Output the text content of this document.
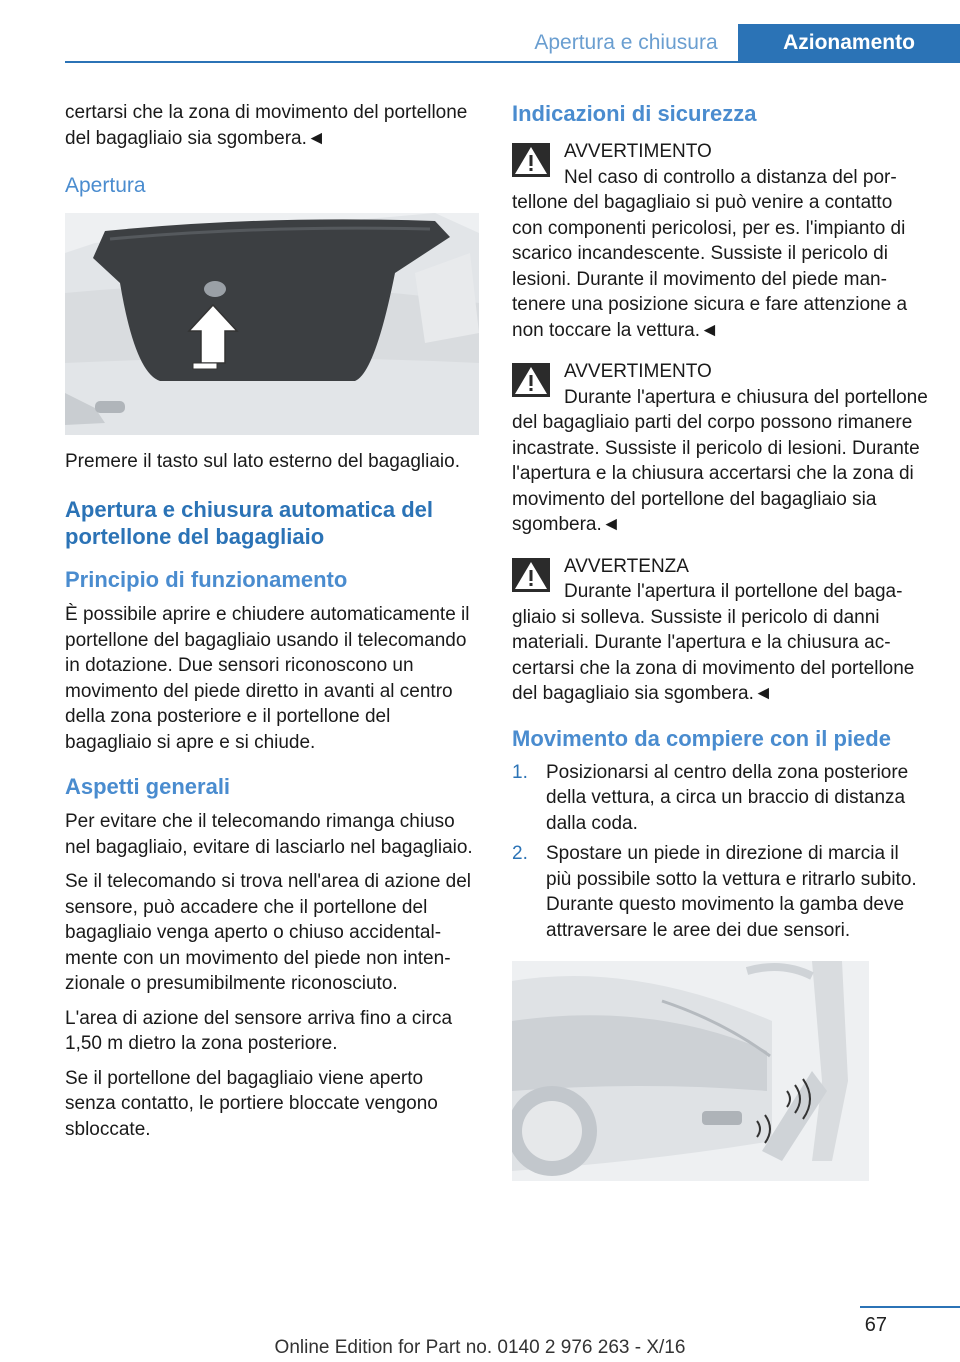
Apertura e chiusura	Azionamento

certarsi che la zona di movimento del portellone del bagagliaio sia sgombera.◄

Apertura

Premere il tasto sul lato esterno del bagagliaio.

Apertura e chiusura automatica del portellone del bagagliaio

Principio di funzionamento

È possibile aprire e chiudere automaticamente il portellone del bagagliaio usando il telecomando in dotazione. Due sensori riconoscono un movimento del piede diretto in avanti al centro della zona posteriore e il portellone del bagagliaio si apre e si chiude.

Aspetti generali

Per evitare che il telecomando rimanga chiuso nel bagagliaio, evitare di lasciarlo nel bagagliaio.

Se il telecomando si trova nell'area di azione del sensore, può accadere che il portellone del bagagliaio venga aperto o chiuso accidentalmente con un movimento del piede non intenzionale o presumibilmente riconosciuto.

L'area di azione del sensore arriva fino a circa 1,50 m dietro la zona posteriore.

Se il portellone del bagagliaio viene aperto senza contatto, le portiere bloccate vengono sbloccate.

Indicazioni di sicurezza

AVVERTIMENTO
Nel caso di controllo a distanza del portellone del bagagliaio si può venire a contatto con componenti pericolosi, per es. l'impianto di scarico incandescente. Sussiste il pericolo di lesioni. Durante il movimento del piede mantenere una posizione sicura e fare attenzione a non toccare la vettura.◄
AVVERTIMENTO
Durante l'apertura e chiusura del portellone del bagagliaio parti del corpo possono rimanere incastrate. Sussiste il pericolo di lesioni. Durante l'apertura e la chiusura accertarsi che la zona di movimento del portellone del bagagliaio sia sgombera.◄
AVVERTENZA
Durante l'apertura il portellone del bagagliaio si solleva. Sussiste il pericolo di danni materiali. Durante l'apertura e la chiusura accertarsi che la zona di movimento del portellone del bagagliaio sia sgombera.◄

Movimento da compiere con il piede

1. Posizionarsi al centro della zona posteriore della vettura, a circa un braccio di distanza dalla coda.
2. Spostare un piede in direzione di marcia il più possibile sotto la vettura e ritrarlo subito. Durante questo movimento la gamba deve attraversare le aree dei due sensori.
67
Online Edition for Part no. 0140 2 976 263 - X/16
